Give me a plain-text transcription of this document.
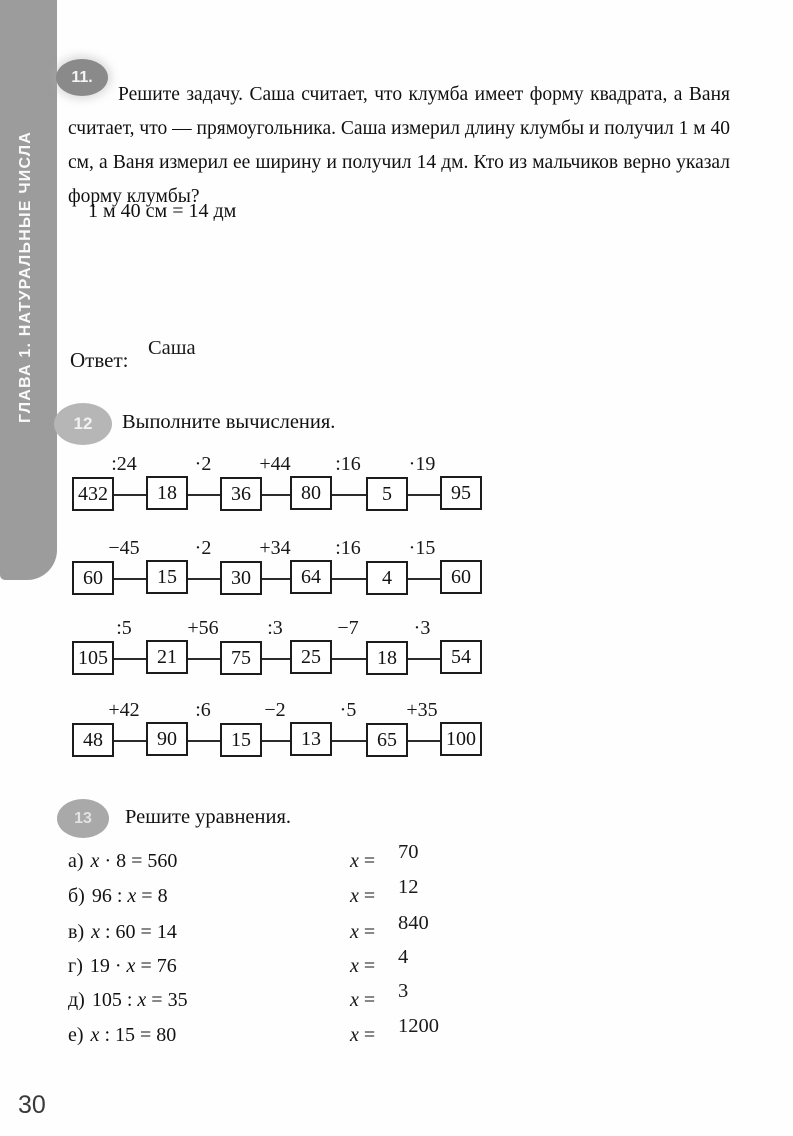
ГЛАВА 1. НАТУРАЛЬНЫЕ ЧИСЛА
11.

Решите задачу. Саша считает, что клумба имеет форму квадрата, а Ваня считает, что — прямоугольника. Саша измерил длину клумбы и получил 1 м 40 см, а Ваня измерил ее ширину и получил 14 дм. Кто из мальчиков верно указал форму клумбы?

1 м 40 см = 14 дм
Ответ: Саша
12 Выполните вычисления.
:24	·2 +44 :16 ·19
432	18	36	80	5	95
−45	·2 +34 :16 ·15
60	15	30	64	4	60
:5	+56 :3	−7	·3
105	21	75	25	18	54
+42	:6	−2	·5	+35
48	90	15	13	65	100
13 Решите уравнения.
а) x · 8 = 560	x = 70
б) 96 : x = 8	x = 12
в) x : 60 = 14	x = 840
г) 19 · x = 76	x = 4
д) 105 : x = 35	x = 3
е) x : 15 = 80	x = 1200
30
